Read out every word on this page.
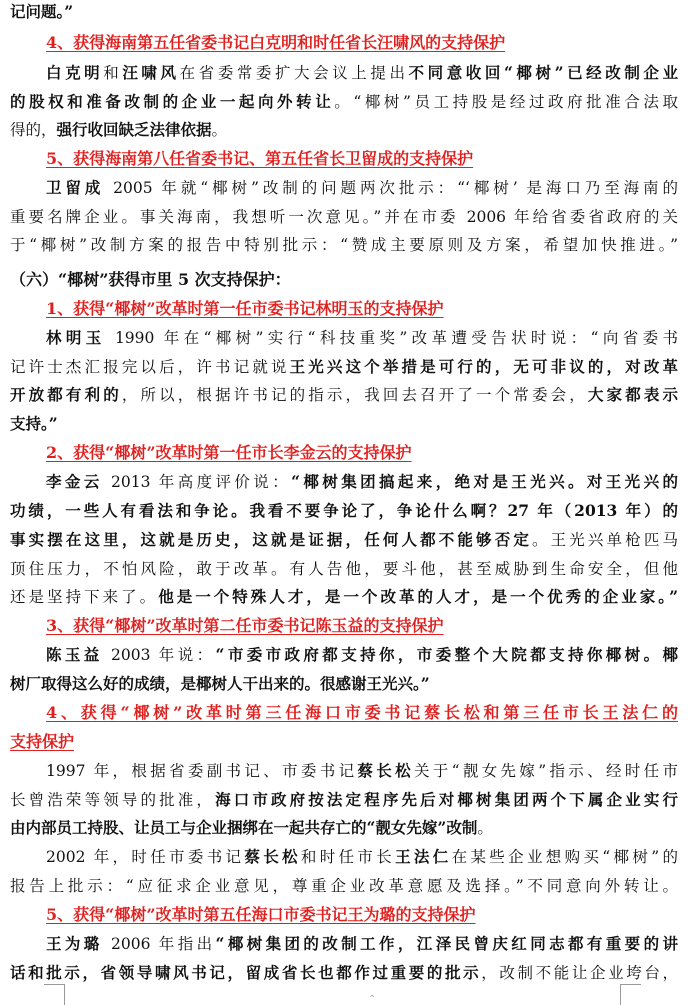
记问题。”
4、获得海南第五任省委书记白克明和时任省长汪啸风的支持保护
白克明和汪啸风在省委常委扩大会议上提出不同意收回“椰树”已经改制企业
的股权和准备改制的企业一起向外转让。“椰树”员工持股是经过政府批准合法取
得的，强行收回缺乏法律依据。
5、获得海南第八任省委书记、第五任省长卫留成的支持保护
卫留成 2005 年就“椰树”改制的问题两次批示：“‘椰树’ 是海口乃至海南的
重要名牌企业。事关海南，我想听一次意见。”并在市委 2006 年给省委省政府的关
于“椰树”改制方案的报告中特别批示：“赞成主要原则及方案，希望加快推进。”
（六）“椰树”获得市里 5 次支持保护：
1、获得“椰树”改革时第一任市委书记林明玉的支持保护
林明玉 1990 年在“椰树”实行“科技重奖”改革遭受告状时说：“向省委书
记许士杰汇报完以后，许书记就说王光兴这个举措是可行的，无可非议的，对改革
开放都有利的，所以，根据许书记的指示，我回去召开了一个常委会，大家都表示
支持。”
2、获得“椰树”改革时第一任市长李金云的支持保护
李金云 2013 年高度评价说：“椰树集团搞起来，绝对是王光兴。对王光兴的
功绩，一些人有看法和争论。我看不要争论了，争论什么啊？27 年（2013 年）的
事实摆在这里，这就是历史，这就是证据，任何人都不能够否定。王光兴单枪匹马
顶住压力，不怕风险，敢于改革。有人告他，要斗他，甚至威胁到生命安全，但他
还是坚持下来了。他是一个特殊人才，是一个改革的人才，是一个优秀的企业家。”
3、获得“椰树”改革时第二任市委书记陈玉益的支持保护
陈玉益 2003 年说：“市委市政府都支持你，市委整个大院都支持你椰树。椰
树厂取得这么好的成绩，是椰树人干出来的。很感谢王光兴。”
4、获得“椰树”改革时第三任海口市委书记蔡长松和第三任市长王法仁的
支持保护
1997 年，根据省委副书记、市委书记蔡长松关于“靓女先嫁”指示、经时任市
长曾浩荣等领导的批准，海口市政府按法定程序先后对椰树集团两个下属企业实行
由内部员工持股、让员工与企业捆绑在一起共存亡的“靓女先嫁”改制。
2002 年，时任市委书记蔡长松和时任市长王法仁在某些企业想购买“椰树”的
报告上批示：“应征求企业意见，尊重企业改革意愿及选择。”不同意向外转让。
5、获得“椰树”改革时第五任海口市委书记王为璐的支持保护
王为璐 2006 年指出“椰树集团的改制工作，江泽民曾庆红同志都有重要的讲
话和批示，省领导啸风书记，留成省长也都作过重要的批示，改制不能让企业垮台，
⌃
